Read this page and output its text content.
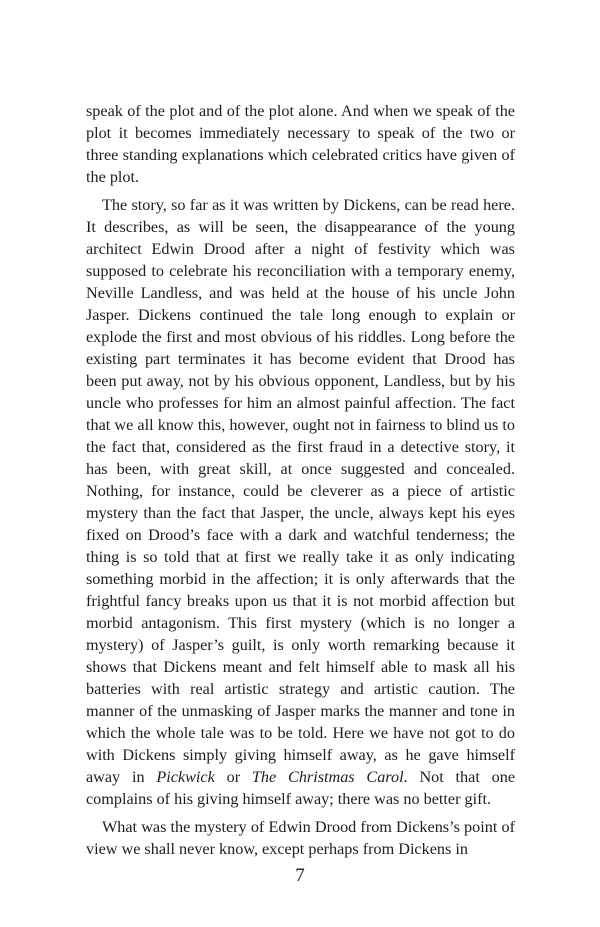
speak of the plot and of the plot alone. And when we speak of the plot it becomes immediately necessary to speak of the two or three standing explanations which celebrated critics have given of the plot.

The story, so far as it was written by Dickens, can be read here. It describes, as will be seen, the disappearance of the young architect Edwin Drood after a night of festivity which was supposed to celebrate his reconciliation with a temporary enemy, Neville Landless, and was held at the house of his uncle John Jasper. Dickens continued the tale long enough to explain or explode the first and most obvious of his riddles. Long before the existing part terminates it has become evident that Drood has been put away, not by his obvious opponent, Landless, but by his uncle who professes for him an almost painful affection. The fact that we all know this, however, ought not in fairness to blind us to the fact that, considered as the first fraud in a detective story, it has been, with great skill, at once suggested and concealed. Nothing, for instance, could be cleverer as a piece of artistic mystery than the fact that Jasper, the uncle, always kept his eyes fixed on Drood’s face with a dark and watchful tenderness; the thing is so told that at first we really take it as only indicating something morbid in the affection; it is only afterwards that the frightful fancy breaks upon us that it is not morbid affection but morbid antagonism. This first mystery (which is no longer a mystery) of Jasper’s guilt, is only worth remarking because it shows that Dickens meant and felt himself able to mask all his batteries with real artistic strategy and artistic caution. The manner of the unmasking of Jasper marks the manner and tone in which the whole tale was to be told. Here we have not got to do with Dickens simply giving himself away, as he gave himself away in Pickwick or The Christmas Carol. Not that one complains of his giving himself away; there was no better gift.

What was the mystery of Edwin Drood from Dickens’s point of view we shall never know, except perhaps from Dickens in

7
